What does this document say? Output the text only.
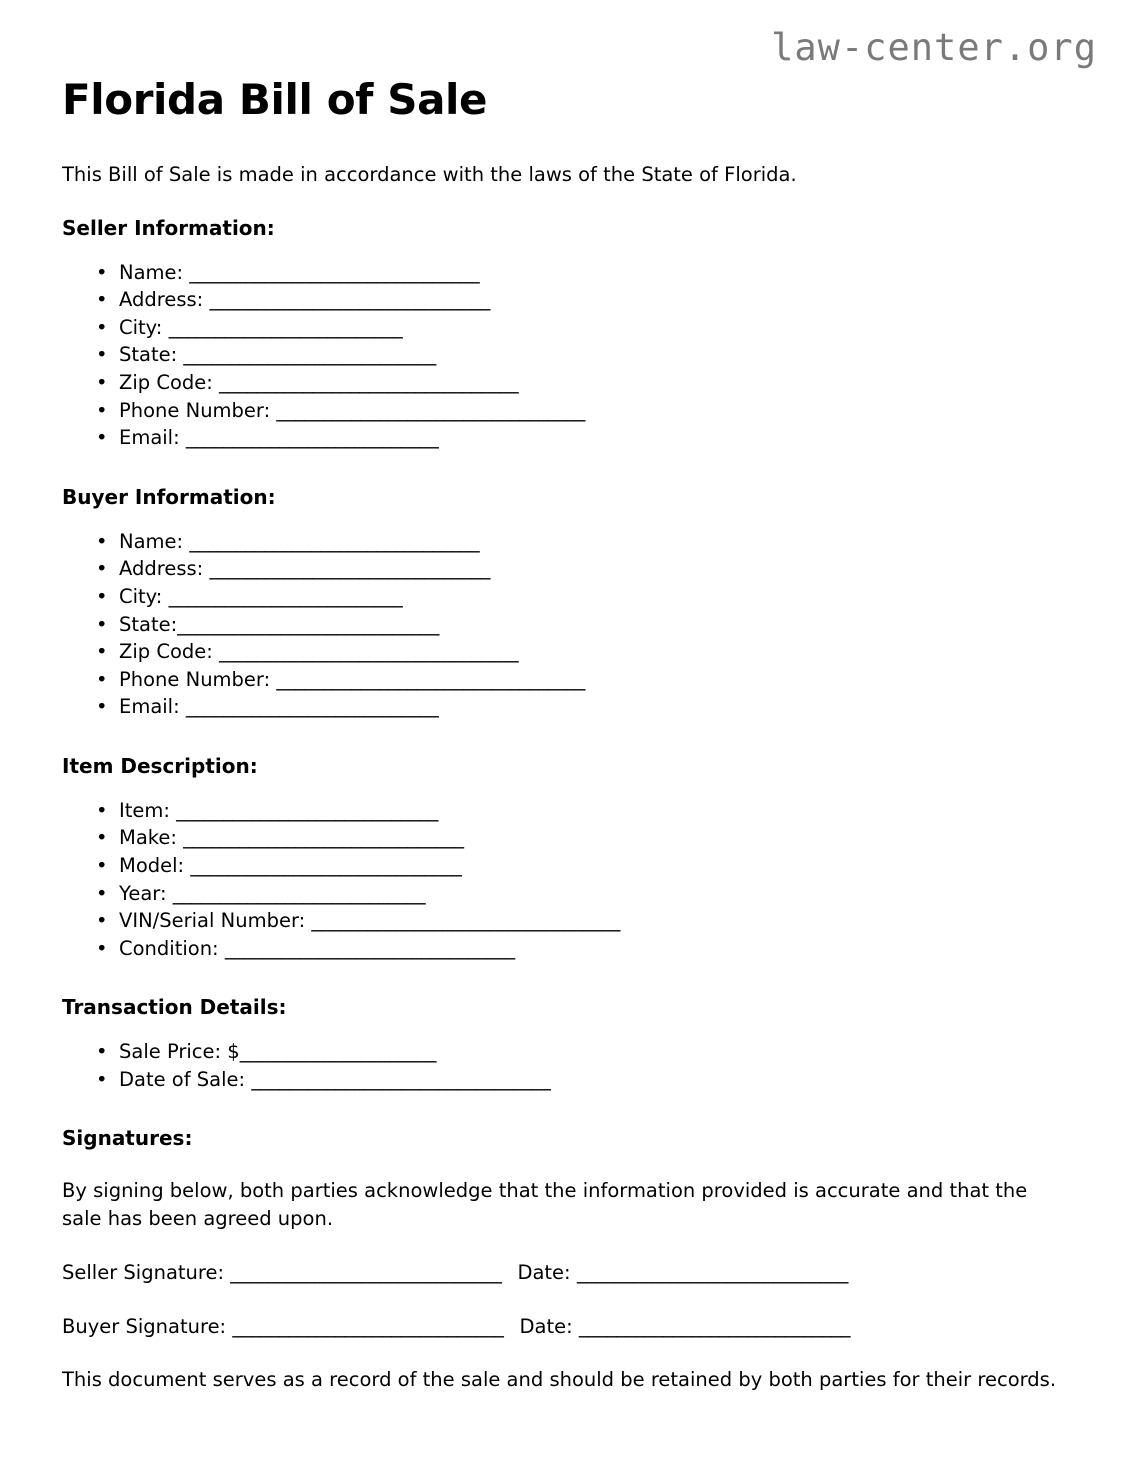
law-center.org
Florida Bill of Sale

This Bill of Sale is made in accordance with the laws of the State of Florida.

Seller Information:
• Name: _______________________________
• Address: ______________________________
• City: _________________________
• State: ___________________________
• Zip Code: ________________________________
• Phone Number: _________________________________
• Email: ___________________________
Buyer Information:
• Name: _______________________________
• Address: ______________________________
• City: _________________________
• State:____________________________
• Zip Code: ________________________________
• Phone Number: _________________________________
• Email: ___________________________
Item Description:
• Item: ____________________________
• Make: ______________________________
• Model: _____________________________
• Year: ___________________________
• VIN/Serial Number: _________________________________
• Condition: _______________________________
Transaction Details:
• Sale Price: $_____________________
• Date of Sale: ________________________________
Signatures:

By signing below, both parties acknowledge that the information provided is accurate and that the sale has been agreed upon.

Seller Signature: _____________________________ Date: _____________________________
Buyer Signature: _____________________________ Date: _____________________________

This document serves as a record of the sale and should be retained by both parties for their records.
